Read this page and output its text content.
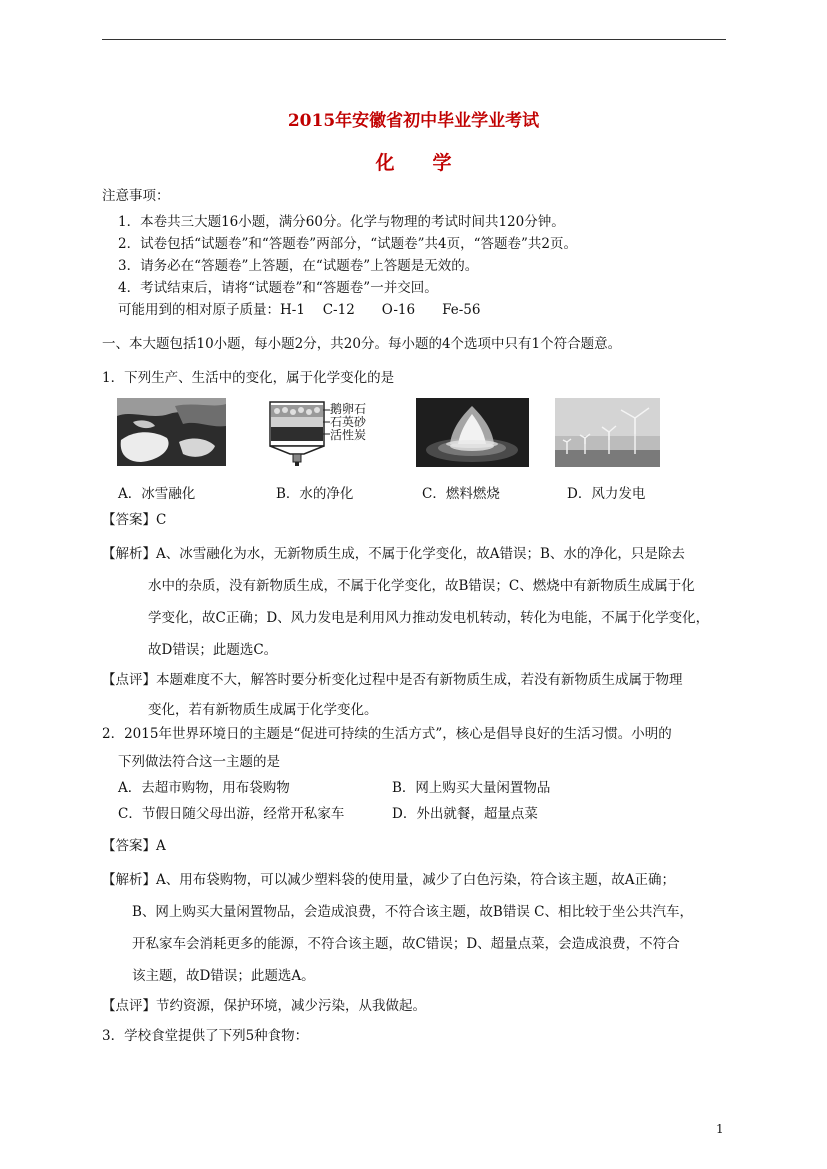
2015年安徽省初中毕业学业考试
化学
注意事项：
1．本卷共三大题16小题，满分60分。化学与物理的考试时间共120分钟。
2．试卷包括“试题卷”和“答题卷”两部分，“试题卷”共4页，“答题卷”共2页。
3．请务必在“答题卷”上答题，在“试题卷”上答题是无效的。
4．考试结束后，请将“试题卷”和“答题卷”一并交回。
可能用到的相对原子质量：H-1　 C-12　　O-16　　Fe-56
一、本大题包括10小题，每小题2分，共20分。每小题的4个选项中只有1个符合题意。
1．下列生产、生活中的变化，属于化学变化的是
鹅卵石
石英砂
活性炭
A．冰雪融化	B．水的净化	C．燃料燃烧	D．风力发电
【答案】C
【解析】A、冰雪融化为水，无新物质生成，不属于化学变化，故A错误；B、水的净化，只是除去
水中的杂质，没有新物质生成，不属于化学变化，故B错误；C、燃烧中有新物质生成属于化
学变化，故C正确；D、风力发电是利用风力推动发电机转动，转化为电能，不属于化学变化，
故D错误；此题选C。
【点评】本题难度不大，解答时要分析变化过程中是否有新物质生成，若没有新物质生成属于物理
变化，若有新物质生成属于化学变化。
2．2015年世界环境日的主题是“促进可持续的生活方式”，核心是倡导良好的生活习惯。小明的
下列做法符合这一主题的是
A．去超市购物，用布袋购物	B．网上购买大量闲置物品
C．节假日随父母出游，经常开私家车	D．外出就餐，超量点菜
【答案】A
【解析】A、用布袋购物，可以减少塑料袋的使用量，减少了白色污染，符合该主题，故A正确；
B、网上购买大量闲置物品，会造成浪费，不符合该主题，故B错误 C、相比较于坐公共汽车，
开私家车会消耗更多的能源，不符合该主题，故C错误；D、超量点菜，会造成浪费，不符合
该主题，故D错误；此题选A。
【点评】节约资源，保护环境，减少污染，从我做起。
3．学校食堂提供了下列5种食物：
1
